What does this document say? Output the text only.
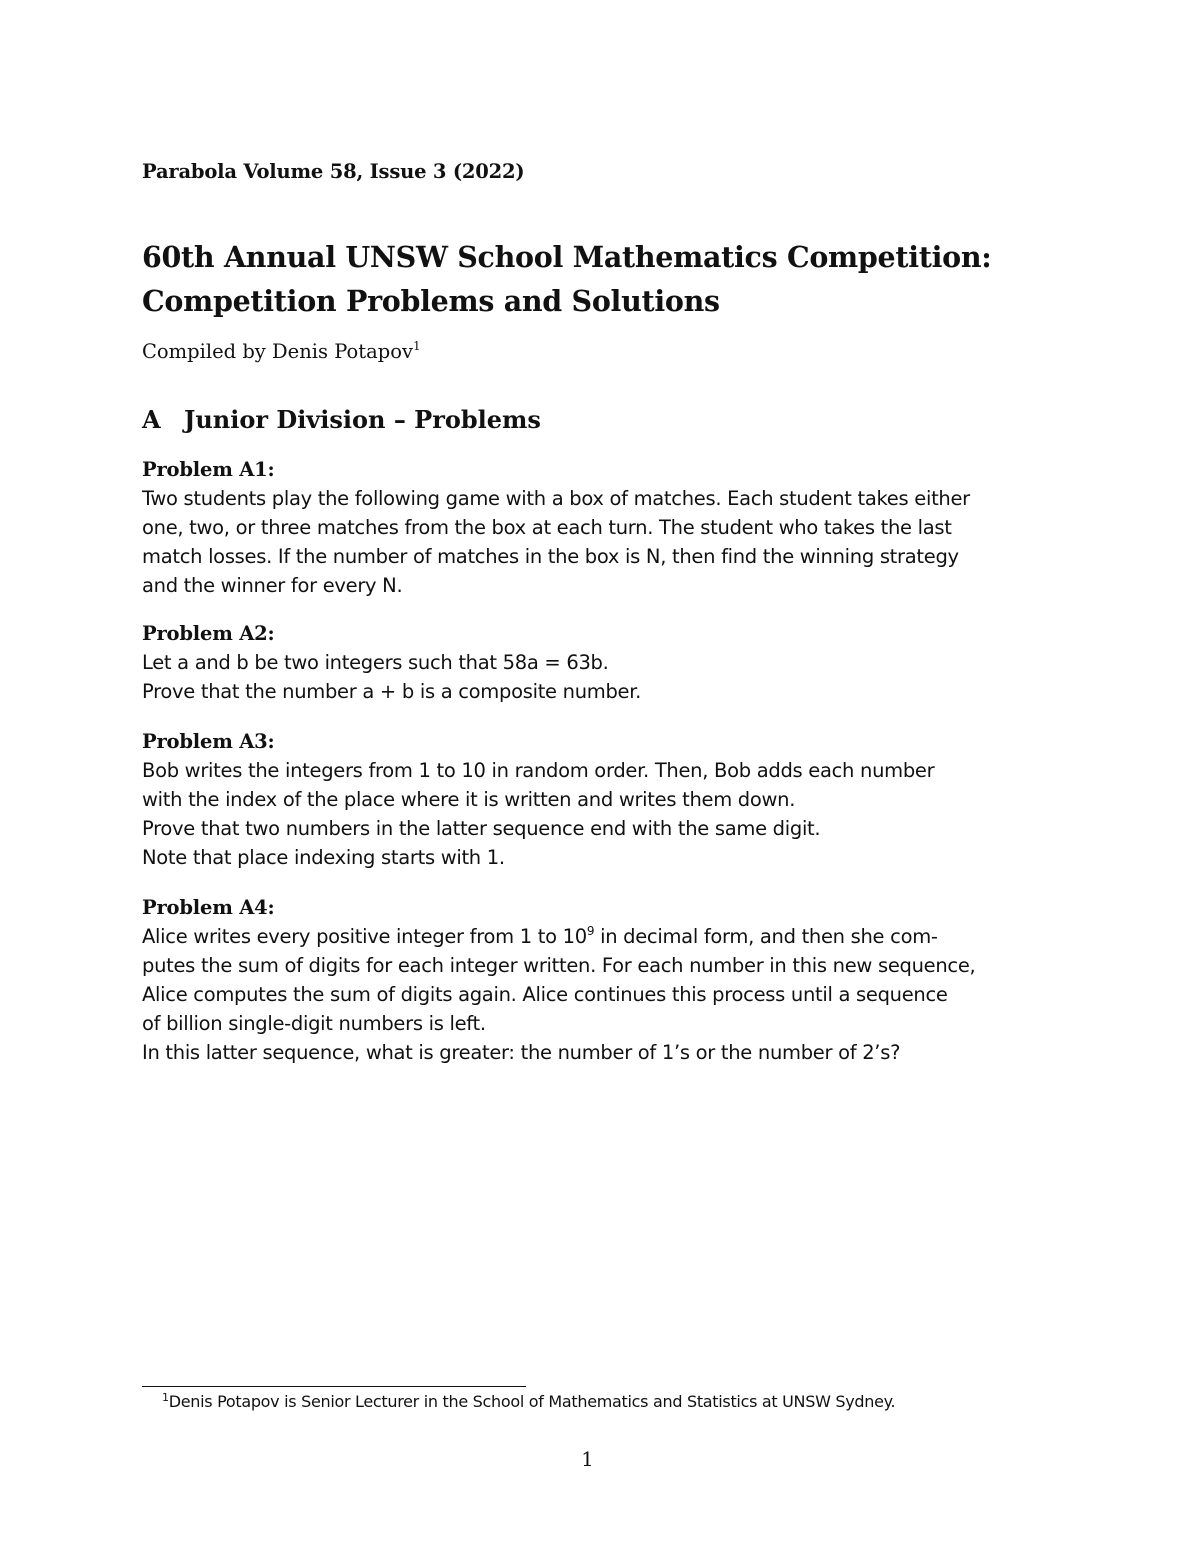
Parabola Volume 58, Issue 3 (2022)
60th Annual UNSW School Mathematics Competition:
Competition Problems and Solutions
Compiled by Denis Potapov$^1$
A Junior Division – Problems
Problem A1:
Two students play the following game with a box of matches. Each student takes either
one, two, or three matches from the box at each turn. The student who takes the last
match losses. If the number of matches in the box is N, then find the winning strategy
and the winner for every N.
Problem A2:
Let a and b be two integers such that 58a = 63b.
Prove that the number a + b is a composite number.
Problem A3:
Bob writes the integers from 1 to 10 in random order. Then, Bob adds each number
with the index of the place where it is written and writes them down.
Prove that two numbers in the latter sequence end with the same digit.
Note that place indexing starts with 1.
Problem A4:
Alice writes every positive integer from 1 to $10^9$ in decimal form, and then she com-
putes the sum of digits for each integer written. For each number in this new sequence,
Alice computes the sum of digits again. Alice continues this process until a sequence
of billion single-digit numbers is left.
In this latter sequence, what is greater: the number of 1’s or the number of 2’s?
$^1$Denis Potapov is Senior Lecturer in the School of Mathematics and Statistics at UNSW Sydney.
1
